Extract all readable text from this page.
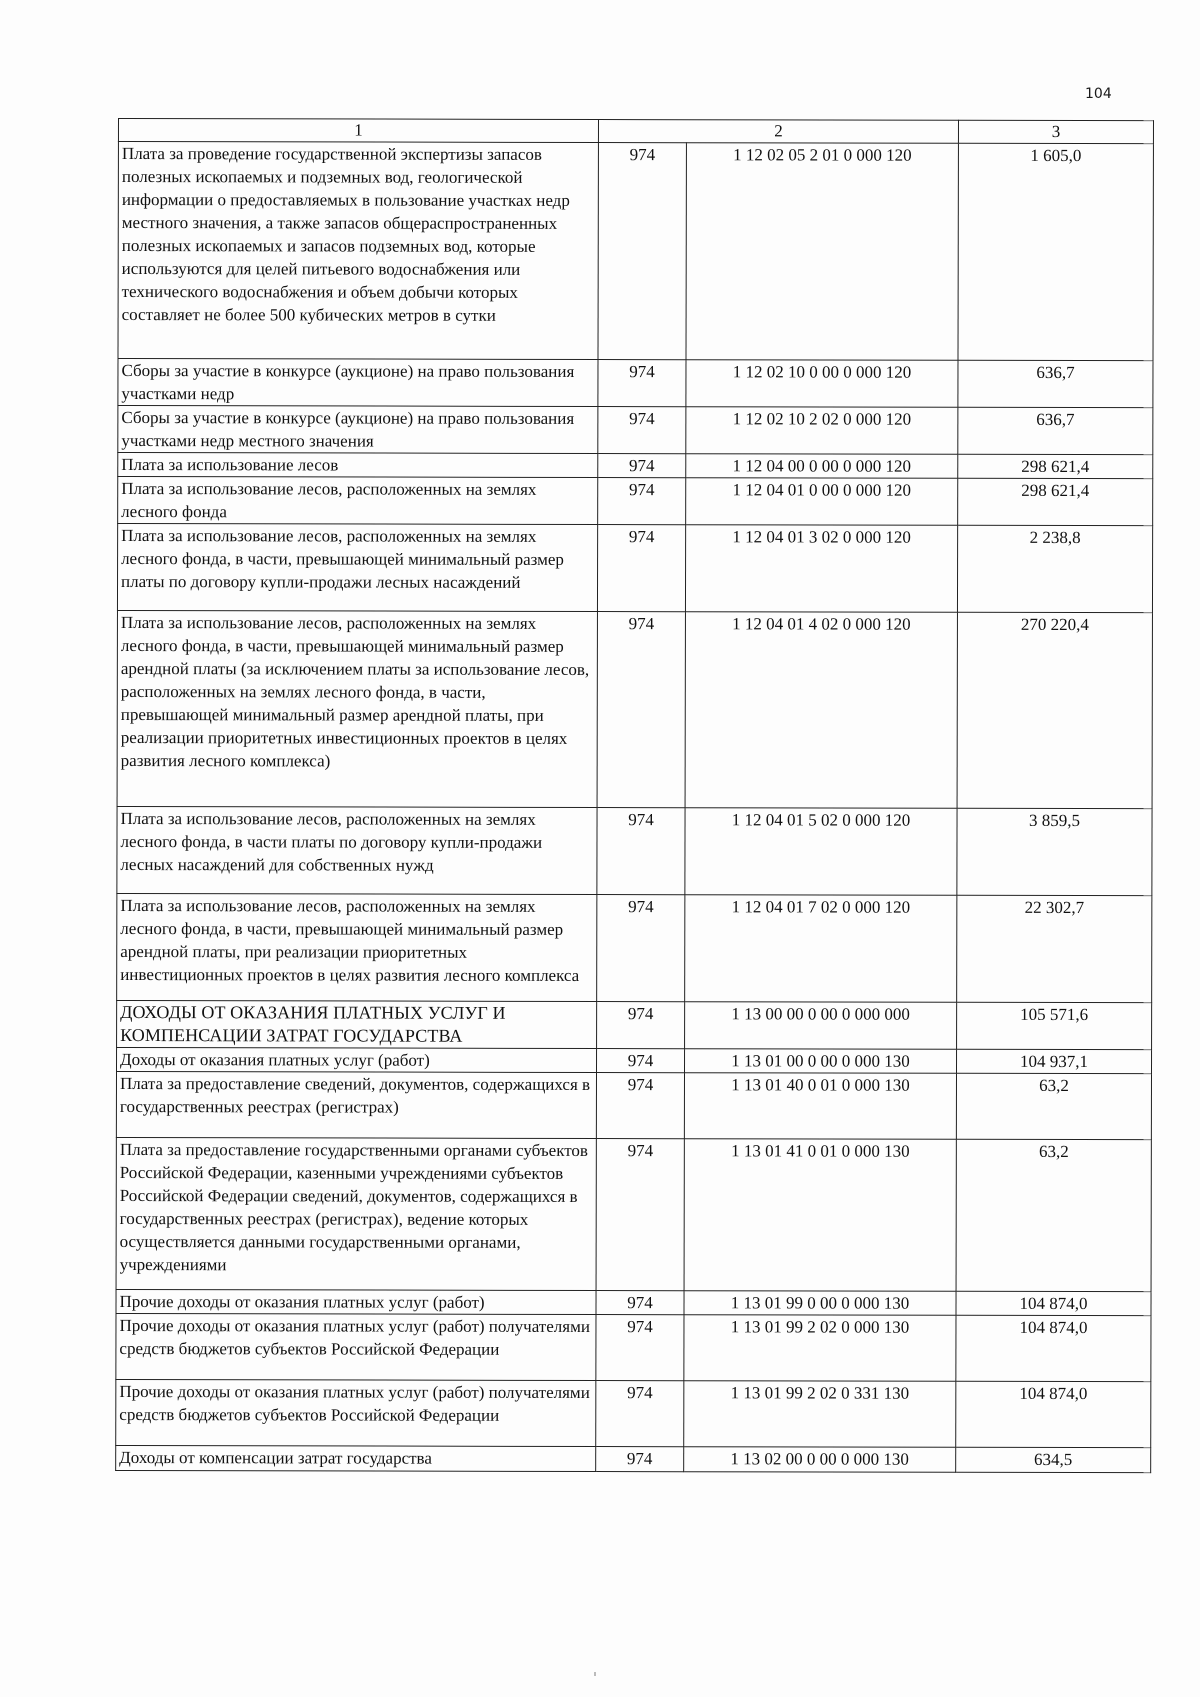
104
1	2		3
Плата за проведение государственной экспертизы запасов полезных ископаемых и подземных вод, геологической информации о предоставляемых в пользование участках недр местного значения, а также запасов общераспространенных полезных ископаемых и запасов подземных вод, которые используются для целей питьевого водоснабжения или технического водоснабжения и объем добычи которых составляет не более 500 кубических метров в сутки	974	1 12 02 05 2 01 0 000 120	1 605,0
Сборы за участие в конкурсе (аукционе) на право пользования участками недр	974	1 12 02 10 0 00 0 000 120	636,7
Сборы за участие в конкурсе (аукционе) на право пользования участками недр местного значения	974	1 12 02 10 2 02 0 000 120	636,7
Плата за использование лесов	974	1 12 04 00 0 00 0 000 120	298 621,4
Плата за использование лесов, расположенных на землях лесного фонда	974	1 12 04 01 0 00 0 000 120	298 621,4
Плата за использование лесов, расположенных на землях лесного фонда, в части, превышающей минимальный размер платы по договору купли-продажи лесных насаждений	974	1 12 04 01 3 02 0 000 120	2 238,8
Плата за использование лесов, расположенных на землях лесного фонда, в части, превышающей минимальный размер арендной платы (за исключением платы за использование лесов, расположенных на землях лесного фонда, в части, превышающей минимальный размер арендной платы, при реализации приоритетных инвестиционных проектов в целях развития лесного комплекса)	974	1 12 04 01 4 02 0 000 120	270 220,4
Плата за использование лесов, расположенных на землях лесного фонда, в части платы по договору купли-продажи лесных насаждений для собственных нужд	974	1 12 04 01 5 02 0 000 120	3 859,5
Плата за использование лесов, расположенных на землях лесного фонда, в части, превышающей минимальный размер арендной платы, при реализации приоритетных инвестиционных проектов в целях развития лесного комплекса	974	1 12 04 01 7 02 0 000 120	22 302,7
ДОХОДЫ ОТ ОКАЗАНИЯ ПЛАТНЫХ УСЛУГ И КОМПЕНСАЦИИ ЗАТРАТ ГОСУДАРСТВА	974	1 13 00 00 0 00 0 000 000	105 571,6
Доходы от оказания платных услуг (работ)	974	1 13 01 00 0 00 0 000 130	104 937,1
Плата за предоставление сведений, документов, содержащихся в государственных реестрах (регистрах)	974	1 13 01 40 0 01 0 000 130	63,2
Плата за предоставление государственными органами субъектов Российской Федерации, казенными учреждениями субъектов Российской Федерации сведений, документов, содержащихся в государственных реестрах (регистрах), ведение которых осуществляется данными государственными органами, учреждениями	974	1 13 01 41 0 01 0 000 130	63,2
Прочие доходы от оказания платных услуг (работ)	974	1 13 01 99 0 00 0 000 130	104 874,0
Прочие доходы от оказания платных услуг (работ) получателями средств бюджетов субъектов Российской Федерации	974	1 13 01 99 2 02 0 000 130	104 874,0
Прочие доходы от оказания платных услуг (работ) получателями средств бюджетов субъектов Российской Федерации	974	1 13 01 99 2 02 0 331 130	104 874,0
Доходы от компенсации затрат государства	974	1 13 02 00 0 00 0 000 130	634,5
